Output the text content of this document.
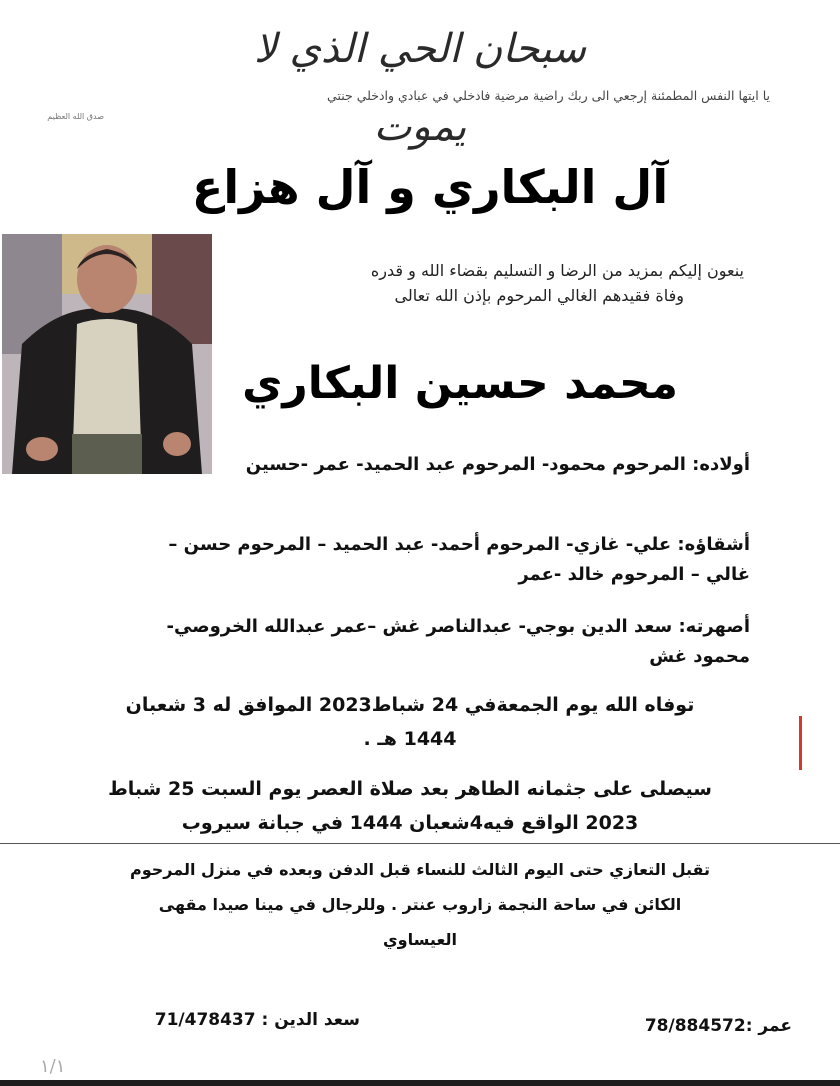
سبحان الحي الذي لا يموت
يا ايتها النفس المطمئنة إرجعي الى ربك راضية مرضية فادخلي في عبادي وادخلي جنتي
صدق الله العظيم
آل البكاري و آل هزاع
ينعون إليكم بمزيد من الرضا و التسليم بقضاء الله و قدره
وفاة فقيدهم الغالي المرحوم بإذن الله تعالى
محمد حسين البكاري
أولاده: المرحوم محمود- المرحوم عبد الحميد- عمر -حسين
أشقاؤه: علي- غازي- المرحوم أحمد- عبد الحميد – المرحوم حسن – غالي – المرحوم خالد -عمر
أصهرته: سعد الدين بوجي- عبدالناصر غش –عمر عبدالله الخروصي-محمود غش
توفاه الله يوم الجمعةفي 24 شباط2023 الموافق له 3 شعبان
1444 هـ .
سيصلى على جثمانه الطاهر بعد صلاة العصر يوم السبت 25 شباط
2023 الواقع فيه4شعبان 1444 في جبانة سيروب
تقبل التعازي حتى اليوم الثالث للنساء قبل الدفن وبعده في منزل المرحوم
الكائن في ساحة النجمة زاروب عنتر . وللرجال في مينا صيدا مقهى
العيساوي
عمر :78/884572
سعد الدين : 71/478437
١/١
